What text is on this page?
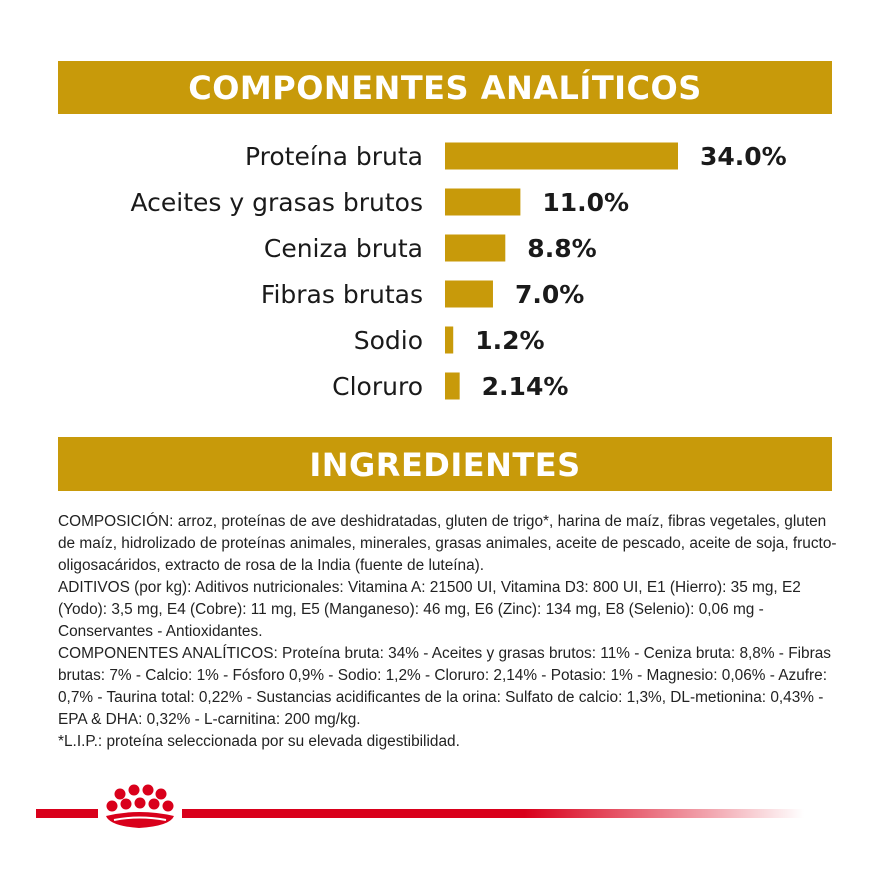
COMPONENTES ANALÍTICOS
Proteína bruta	34.0%
Aceites y grasas brutos	11.0%
Ceniza bruta	8.8%
Fibras brutas	7.0%
Sodio 1.2%
Cloruro 2.14%
INGREDIENTES

COMPOSICIÓN: arroz, proteínas de ave deshidratadas, gluten de trigo*, harina de maíz, fibras vegetales, gluten de maíz, hidrolizado de proteínas animales, minerales, grasas animales, aceite de pescado, aceite de soja, fructo-oligosacáridos, extracto de rosa de la India (fuente de luteína).

ADITIVOS (por kg): Aditivos nutricionales: Vitamina A: 21500 UI, Vitamina D3: 800 UI, E1 (Hierro): 35 mg, E2 (Yodo): 3,5 mg, E4 (Cobre): 11 mg, E5 (Manganeso): 46 mg, E6 (Zinc): 134 mg, E8 (Selenio): 0,06 mg - Conservantes - Antioxidantes.

COMPONENTES ANALÍTICOS: Proteína bruta: 34% - Aceites y grasas brutos: 11% - Ceniza bruta: 8,8% - Fibras brutas: 7% - Calcio: 1% - Fósforo 0,9% - Sodio: 1,2% - Cloruro: 2,14% - Potasio: 1% - Magnesio: 0,06% - Azufre: 0,7% - Taurina total: 0,22% - Sustancias acidificantes de la orina: Sulfato de calcio: 1,3%, DL-metionina: 0,43% - EPA & DHA: 0,32% - L-carnitina: 200 mg/kg.

*L.I.P.: proteína seleccionada por su elevada digestibilidad.
